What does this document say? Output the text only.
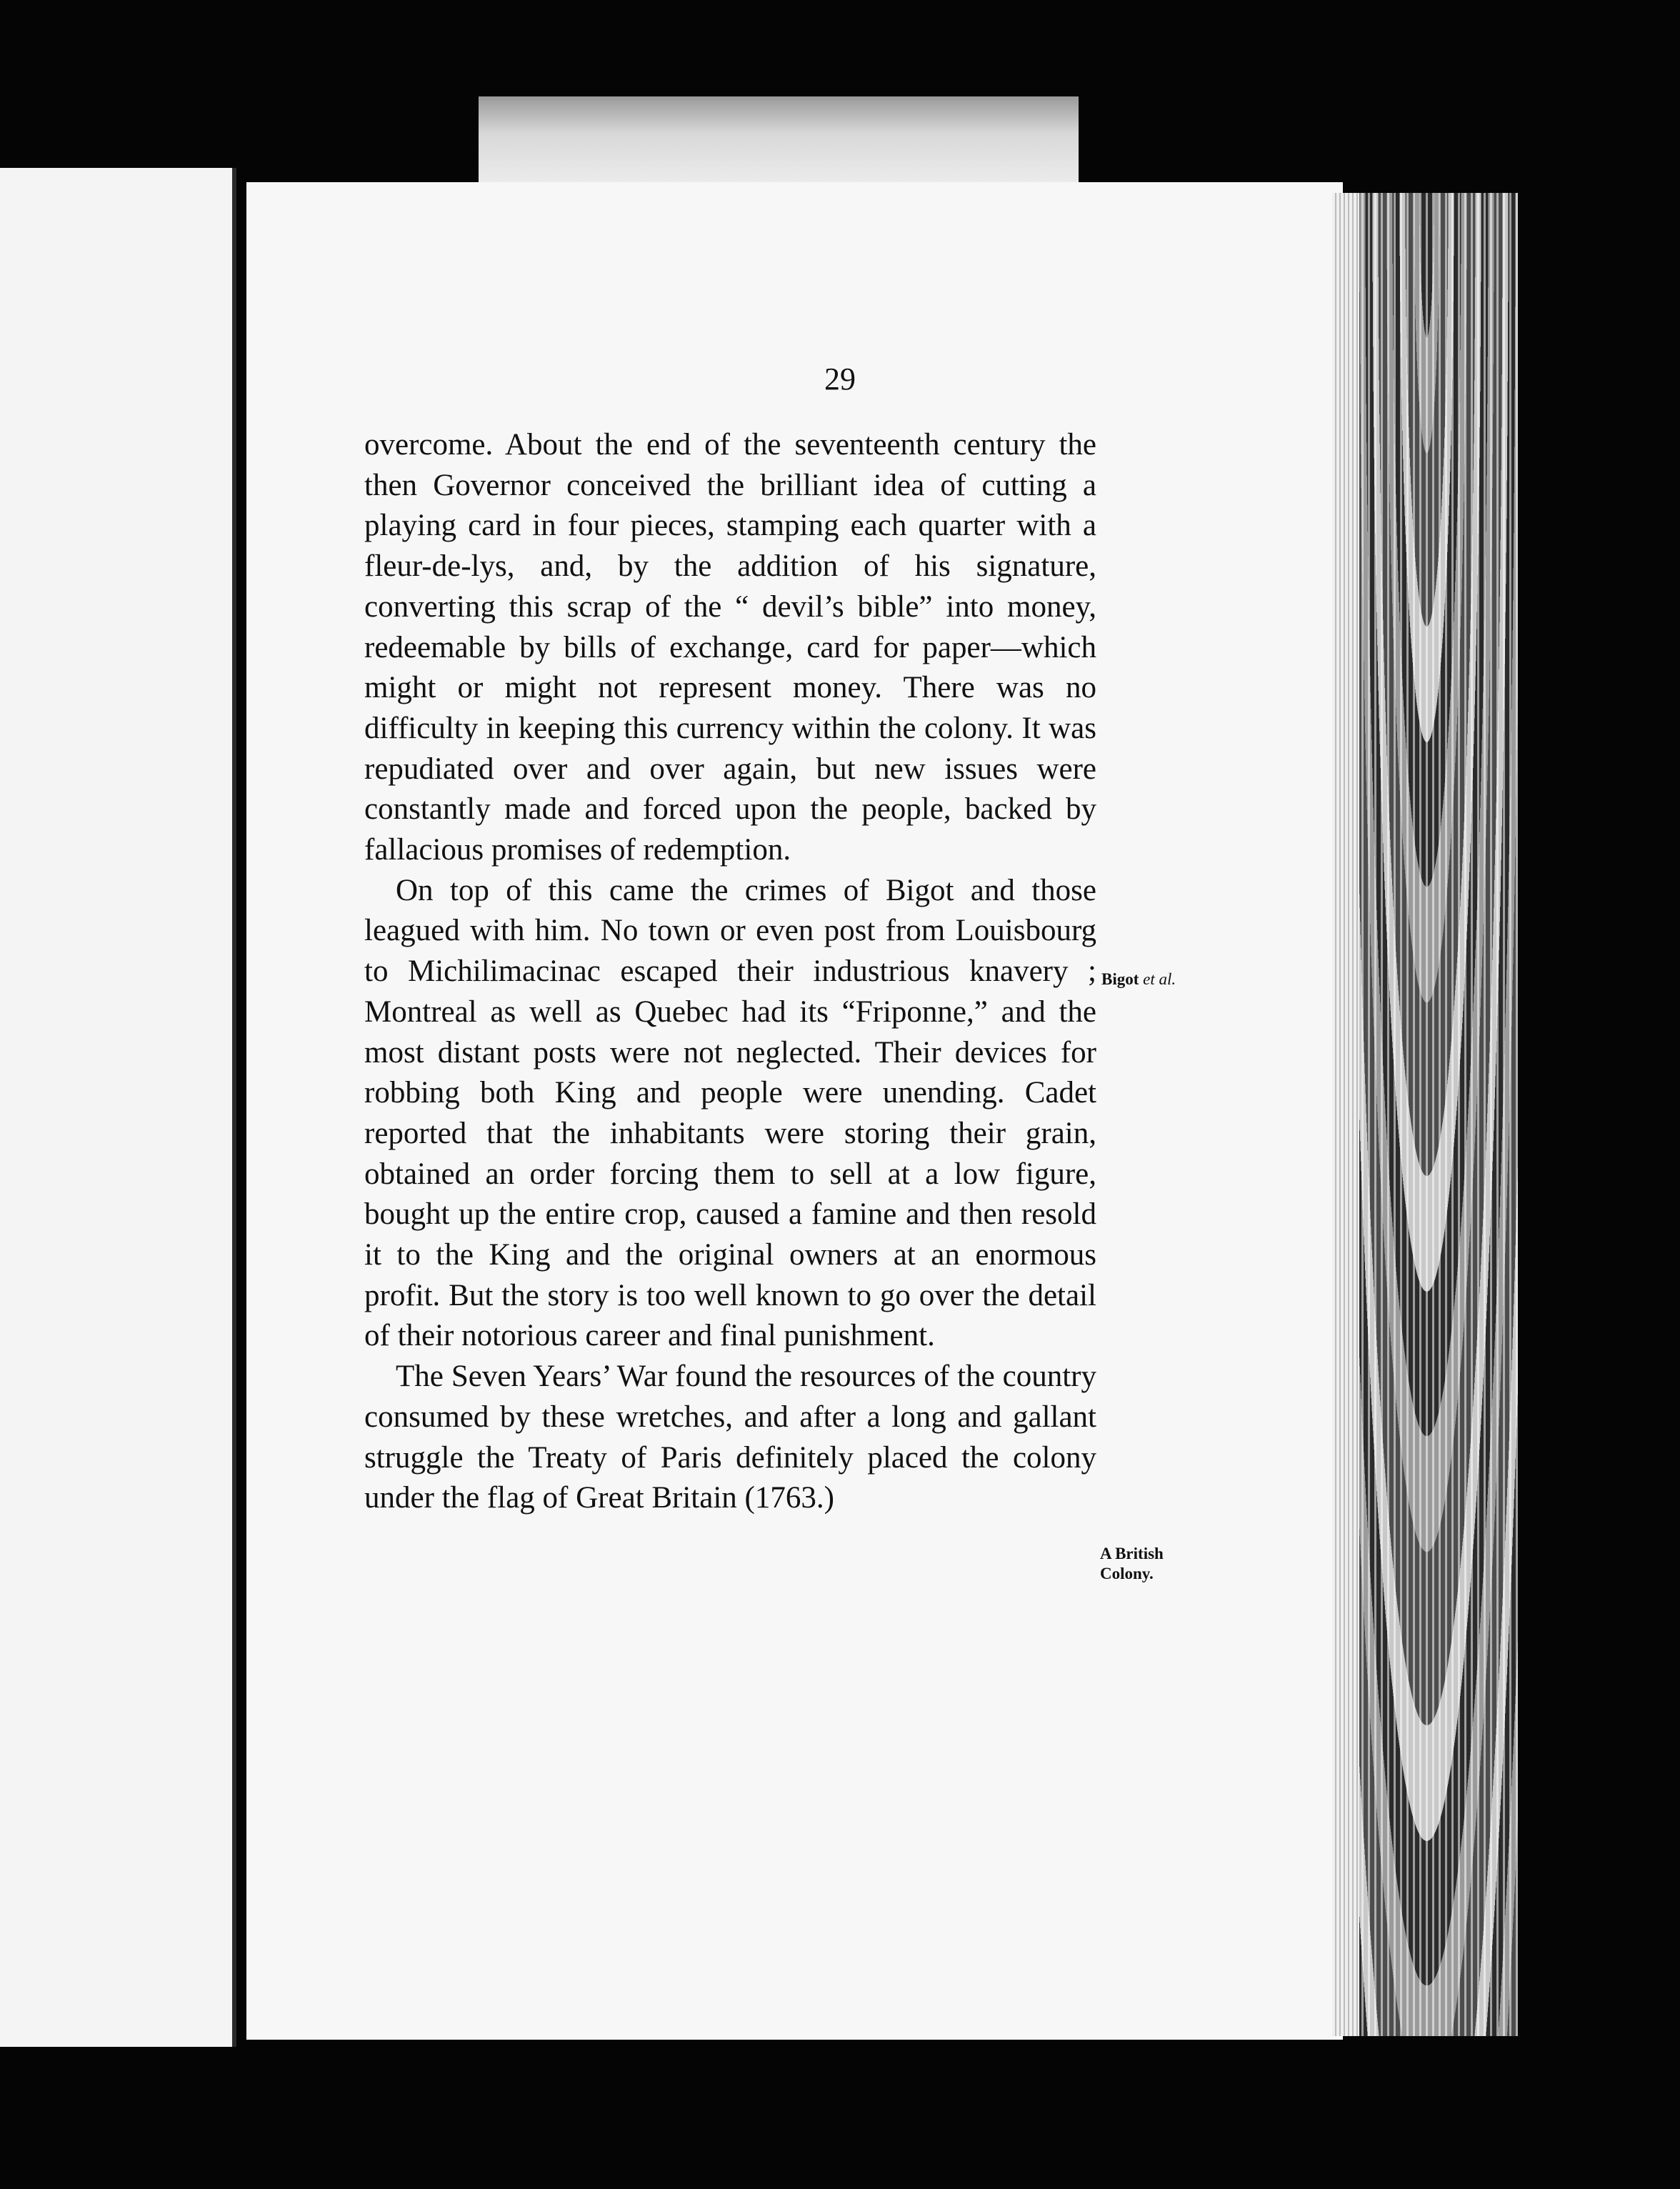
29

overcome. About the end of the seventeenth century the then Governor conceived the brilliant idea of cutting a playing card in four pieces, stamping each quarter with a fleur-de-lys, and, by the addition of his signature, converting this scrap of the “ devil’s bible” into money, redeemable by bills of exchange, card for paper—which might or might not represent money. There was no difficulty in keeping this currency within the colony. It was repudiated over and over again, but new issues were constantly made and forced upon the people, backed by fallacious promises of redemption.

On top of this came the crimes of Bigot and those leagued with him. No town or even post from Louisbourg to Michilimacinac escaped their industrious knavery ; Montreal as well as Quebec had its “Friponne,” and the most distant posts were not neglected. Their devices for robbing both King and people were unending. Cadet reported that the inhabitants were storing their grain, obtained an order forcing them to sell at a low figure, bought up the entire crop, caused a famine and then resold it to the King and the original owners at an enormous profit. But the story is too well known to go over the detail of their notorious career and final punishment.

The Seven Years’ War found the resources of the country consumed by these wretches, and after a long and gallant struggle the Treaty of Paris definitely placed the colony under the flag of Great Britain (1763.)

Bigot et al.
A British Colony.
